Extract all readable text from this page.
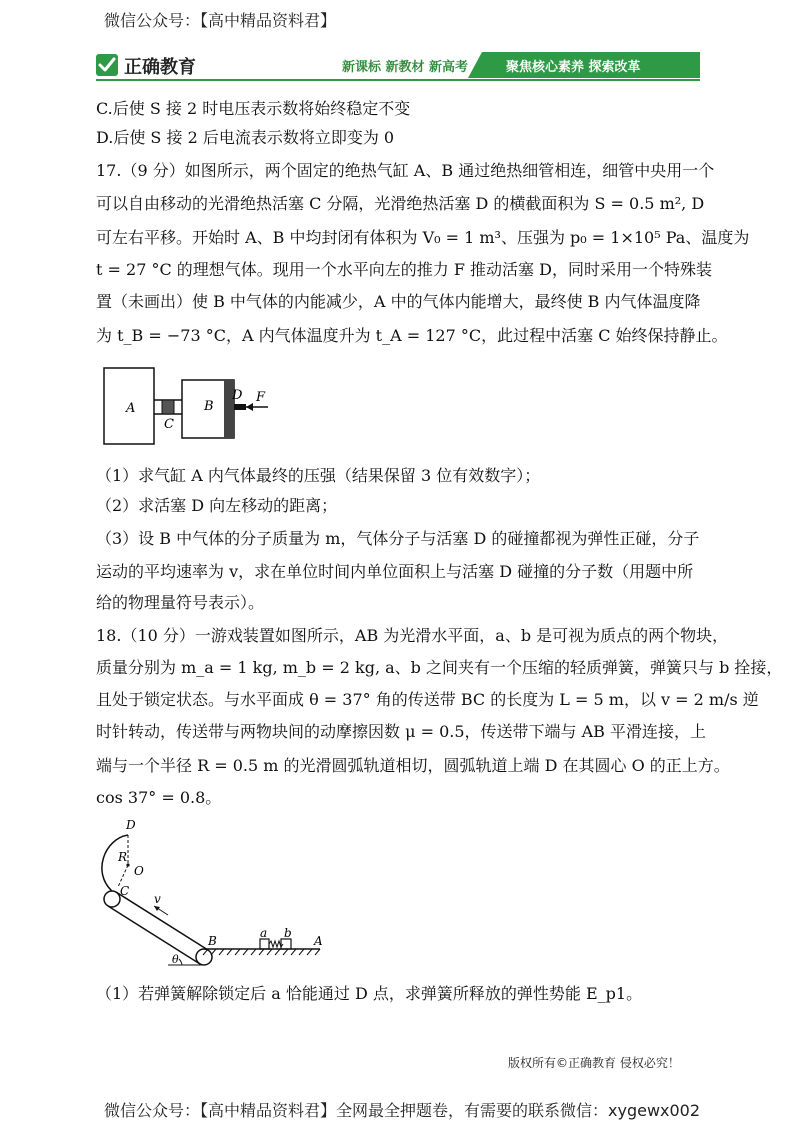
微信公众号：【高中精品资料君】
正确教育	新课标 新教材 新高考	聚焦核心素养 探索改革
C.后使 S 接 2 时电压表示数将始终稳定不变
D.后使 S 接 2 后电流表示数将立即变为 0
17.（9 分）如图所示，两个固定的绝热气缸 A、B 通过绝热细管相连，细管中央用一个
可以自由移动的光滑绝热活塞 C 分隔，光滑绝热活塞 D 的横截面积为 S = 0.5 m², D
可左右平移。开始时 A、B 中均封闭有体积为 V₀ = 1 m³、压强为 p₀ = 1×10⁵ Pa、温度为
t = 27 °C 的理想气体。现用一个水平向左的推力 F 推动活塞 D，同时采用一个特殊装
置（未画出）使 B 中气体的内能减少，A 中的气体内能增大，最终使 B 内气体温度降
为 t_B = −73 °C，A 内气体温度升为 t_A = 127 °C，此过程中活塞 C 始终保持静止。
A
C
B
D F
（1）求气缸 A 内气体最终的压强（结果保留 3 位有效数字）；
（2）求活塞 D 向左移动的距离；
（3）设 B 中气体的分子质量为 m，气体分子与活塞 D 的碰撞都视为弹性正碰，分子
运动的平均速率为 v，求在单位时间内单位面积上与活塞 D 碰撞的分子数（用题中所
给的物理量符号表示）。
18.（10 分）一游戏装置如图所示，AB 为光滑水平面，a、b 是可视为质点的两个物块，
质量分别为 m_a = 1 kg, m_b = 2 kg, a、b 之间夹有一个压缩的轻质弹簧，弹簧只与 b 拴接，
且处于锁定状态。与水平面成 θ = 37° 角的传送带 BC 的长度为 L = 5 m，以 v = 2 m/s 逆
时针转动，传送带与两物块间的动摩擦因数 μ = 0.5，传送带下端与 AB 平滑连接，上
端与一个半径 R = 0.5 m 的光滑圆弧轨道相切，圆弧轨道上端 D 在其圆心 O 的正上方。
cos 37° = 0.8。
D
R
O
C
v
a b
B	A
θ
（1）若弹簧解除锁定后 a 恰能通过 D 点，求弹簧所释放的弹性势能 E_p1。
版权所有©正确教育 侵权必究！
微信公众号：【高中精品资料君】全网最全押题卷，有需要的联系微信：xygewx002
